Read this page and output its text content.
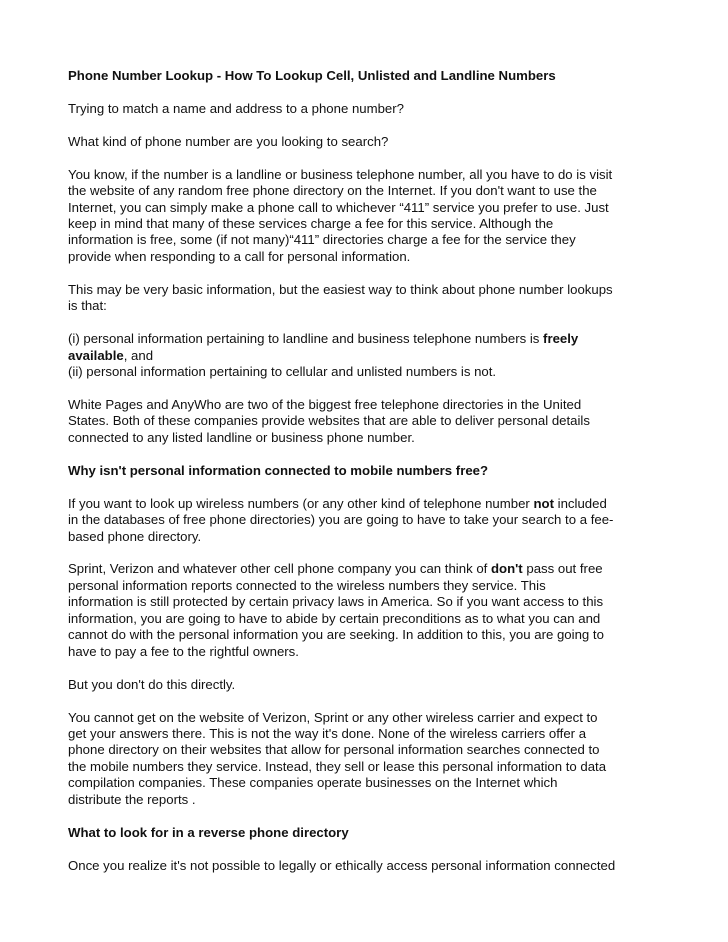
Phone Number Lookup - How To Lookup Cell, Unlisted and Landline Numbers

Trying to match a name and address to a phone number?

What kind of phone number are you looking to search?

You know, if the number is a landline or business telephone number, all you have to do is visit
the website of any random free phone directory on the Internet. If you don't want to use the
Internet, you can simply make a phone call to whichever “411” service you prefer to use. Just
keep in mind that many of these services charge a fee for this service. Although the
information is free, some (if not many)“411” directories charge a fee for the service they
provide when responding to a call for personal information.

This may be very basic information, but the easiest way to think about phone number lookups
is that:

(i) personal information pertaining to landline and business telephone numbers is freely
available, and
(ii) personal information pertaining to cellular and unlisted numbers is not.

White Pages and AnyWho are two of the biggest free telephone directories in the United
States. Both of these companies provide websites that are able to deliver personal details
connected to any listed landline or business phone number.

Why isn't personal information connected to mobile numbers free?

If you want to look up wireless numbers (or any other kind of telephone number not included
in the databases of free phone directories) you are going to have to take your search to a fee-
based phone directory.

Sprint, Verizon and whatever other cell phone company you can think of don't pass out free
personal information reports connected to the wireless numbers they service. This
information is still protected by certain privacy laws in America. So if you want access to this
information, you are going to have to abide by certain preconditions as to what you can and
cannot do with the personal information you are seeking. In addition to this, you are going to
have to pay a fee to the rightful owners.

But you don't do this directly.

You cannot get on the website of Verizon, Sprint or any other wireless carrier and expect to
get your answers there. This is not the way it's done. None of the wireless carriers offer a
phone directory on their websites that allow for personal information searches connected to
the mobile numbers they service. Instead, they sell or lease this personal information to data
compilation companies. These companies operate businesses on the Internet which
distribute the reports .

What to look for in a reverse phone directory

Once you realize it's not possible to legally or ethically access personal information connected
